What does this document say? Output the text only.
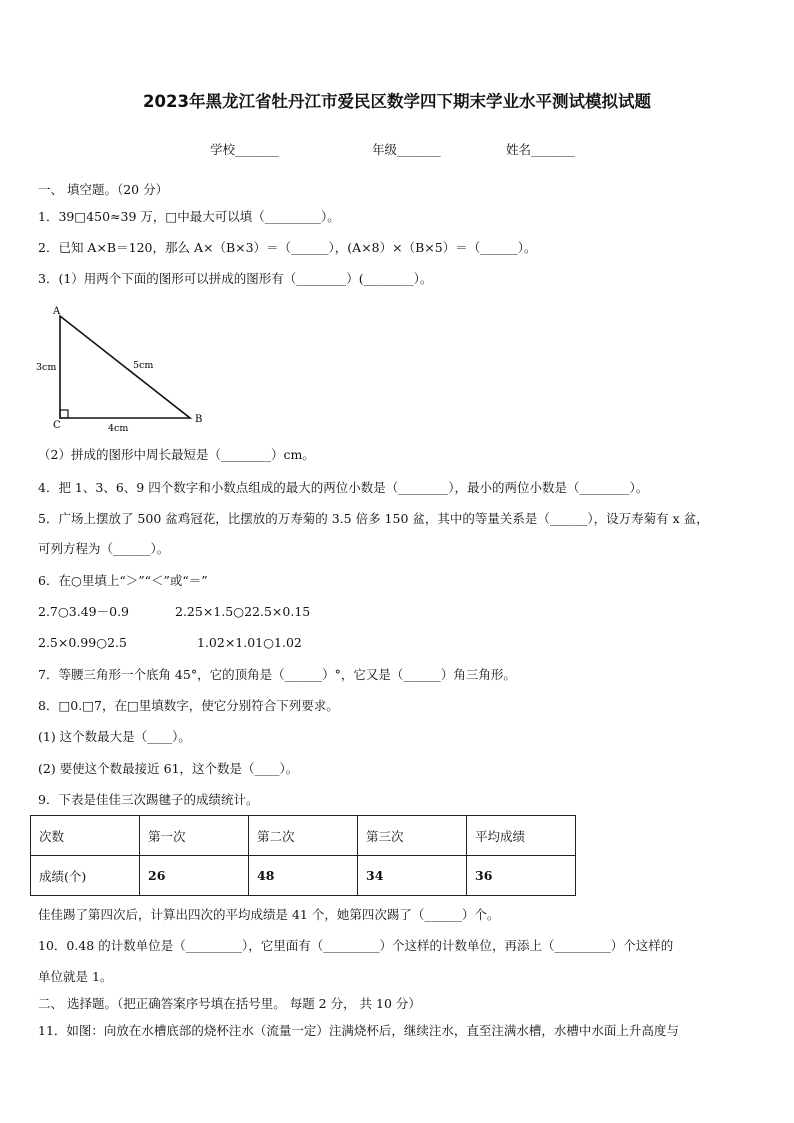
2023年黑龙江省牡丹江市爱民区数学四下期末学业水平测试模拟试题
学校_______	年级_______	姓名_______
一、 填空题。（20 分）
1．39□450≈39 万，□中最大可以填（_________）。
2．已知 A×B＝120，那么 A×（B×3）＝（______），(A×8）×（B×5）＝（______）。
3．(1）用两个下面的图形可以拼成的图形有（________）(________）。
A
B
C
3cm	5cm
4cm
（2）拼成的图形中周长最短是（________）cm。
4．把 1、3、6、9 四个数字和小数点组成的最大的两位小数是（________），最小的两位小数是（________）。
5．广场上摆放了 500 盆鸡冠花，比摆放的万寿菊的 3.5 倍多 150 盆，其中的等量关系是（______），设万寿菊有 x 盆，
可列方程为（______）。
6．在○里填上“＞”“＜”或“＝”
2.7○3.49－0.9	2.25×1.5○22.5×0.15
2.5×0.99○2.5	1.02×1.01○1.02
7．等腰三角形一个底角 45°，它的顶角是（______）°，它又是（______）角三角形。
8．□0.□7，在□里填数字，使它分别符合下列要求。
(1) 这个数最大是（____）。
(2) 要使这个数最接近 61，这个数是（____）。
9．下表是佳佳三次踢毽子的成绩统计。
次数	第一次	第二次	第三次	平均成绩
成绩(个)	26	48	34	36
佳佳踢了第四次后，计算出四次的平均成绩是 41 个，她第四次踢了（______）个。
10．0.48 的计数单位是（_________），它里面有（_________）个这样的计数单位，再添上（_________）个这样的
单位就是 1。
二、 选择题。（把正确答案序号填在括号里。 每题 2 分， 共 10 分）
11．如图：向放在水槽底部的烧杯注水（流量一定）注满烧杯后，继续注水，直至注满水槽，水槽中水面上升高度与
